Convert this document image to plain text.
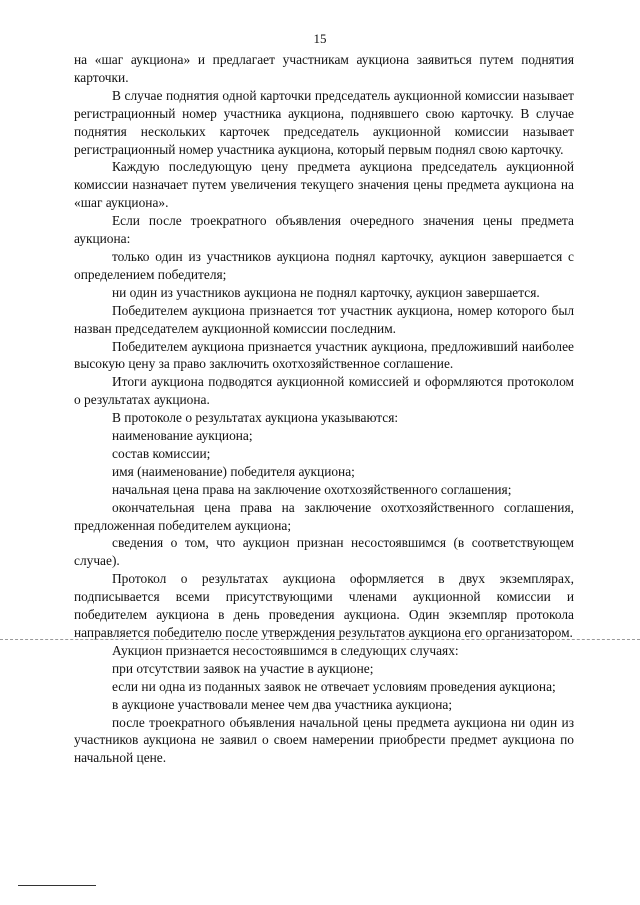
15

на «шаг аукциона» и предлагает участникам аукциона заявиться путем поднятия карточки.

В случае поднятия одной карточки председатель аукционной комиссии называет регистрационный номер участника аукциона, поднявшего свою карточку. В случае поднятия нескольких карточек председатель аукционной комиссии называет регистрационный номер участника аукциона, который первым поднял свою карточку.

Каждую последующую цену предмета аукциона председатель аукционной комиссии назначает путем увеличения текущего значения цены предмета аукциона на «шаг аукциона».

Если после троекратного объявления очередного значения цены предмета аукциона:

только один из участников аукциона поднял карточку, аукцион завершается с определением победителя;

ни один из участников аукциона не поднял карточку, аукцион завершается.

Победителем аукциона признается тот участник аукциона, номер которого был назван председателем аукционной комиссии последним.

Победителем аукциона признается участник аукциона, предложивший наиболее высокую цену за право заключить охотхозяйственное соглашение.

Итоги аукциона подводятся аукционной комиссией и оформляются протоколом о результатах аукциона.

В протоколе о результатах аукциона указываются:

наименование аукциона;

состав комиссии;

имя (наименование) победителя аукциона;

начальная цена права на заключение охотхозяйственного соглашения;

окончательная цена права на заключение охотхозяйственного соглашения, предложенная победителем аукциона;

сведения о том, что аукцион признан несостоявшимся (в соответствующем случае).

Протокол о результатах аукциона оформляется в двух экземплярах, подписывается всеми присутствующими членами аукционной комиссии и победителем аукциона в день проведения аукциона. Один экземпляр протокола направляется победителю после утверждения результатов аукциона его организатором.

Аукцион признается несостоявшимся в следующих случаях:

при отсутствии заявок на участие в аукционе;

если ни одна из поданных заявок не отвечает условиям проведения аукциона;

в аукционе участвовали менее чем два участника аукциона;

после троекратного объявления начальной цены предмета аукциона ни один из участников аукциона не заявил о своем намерении приобрести предмет аукциона по начальной цене.
